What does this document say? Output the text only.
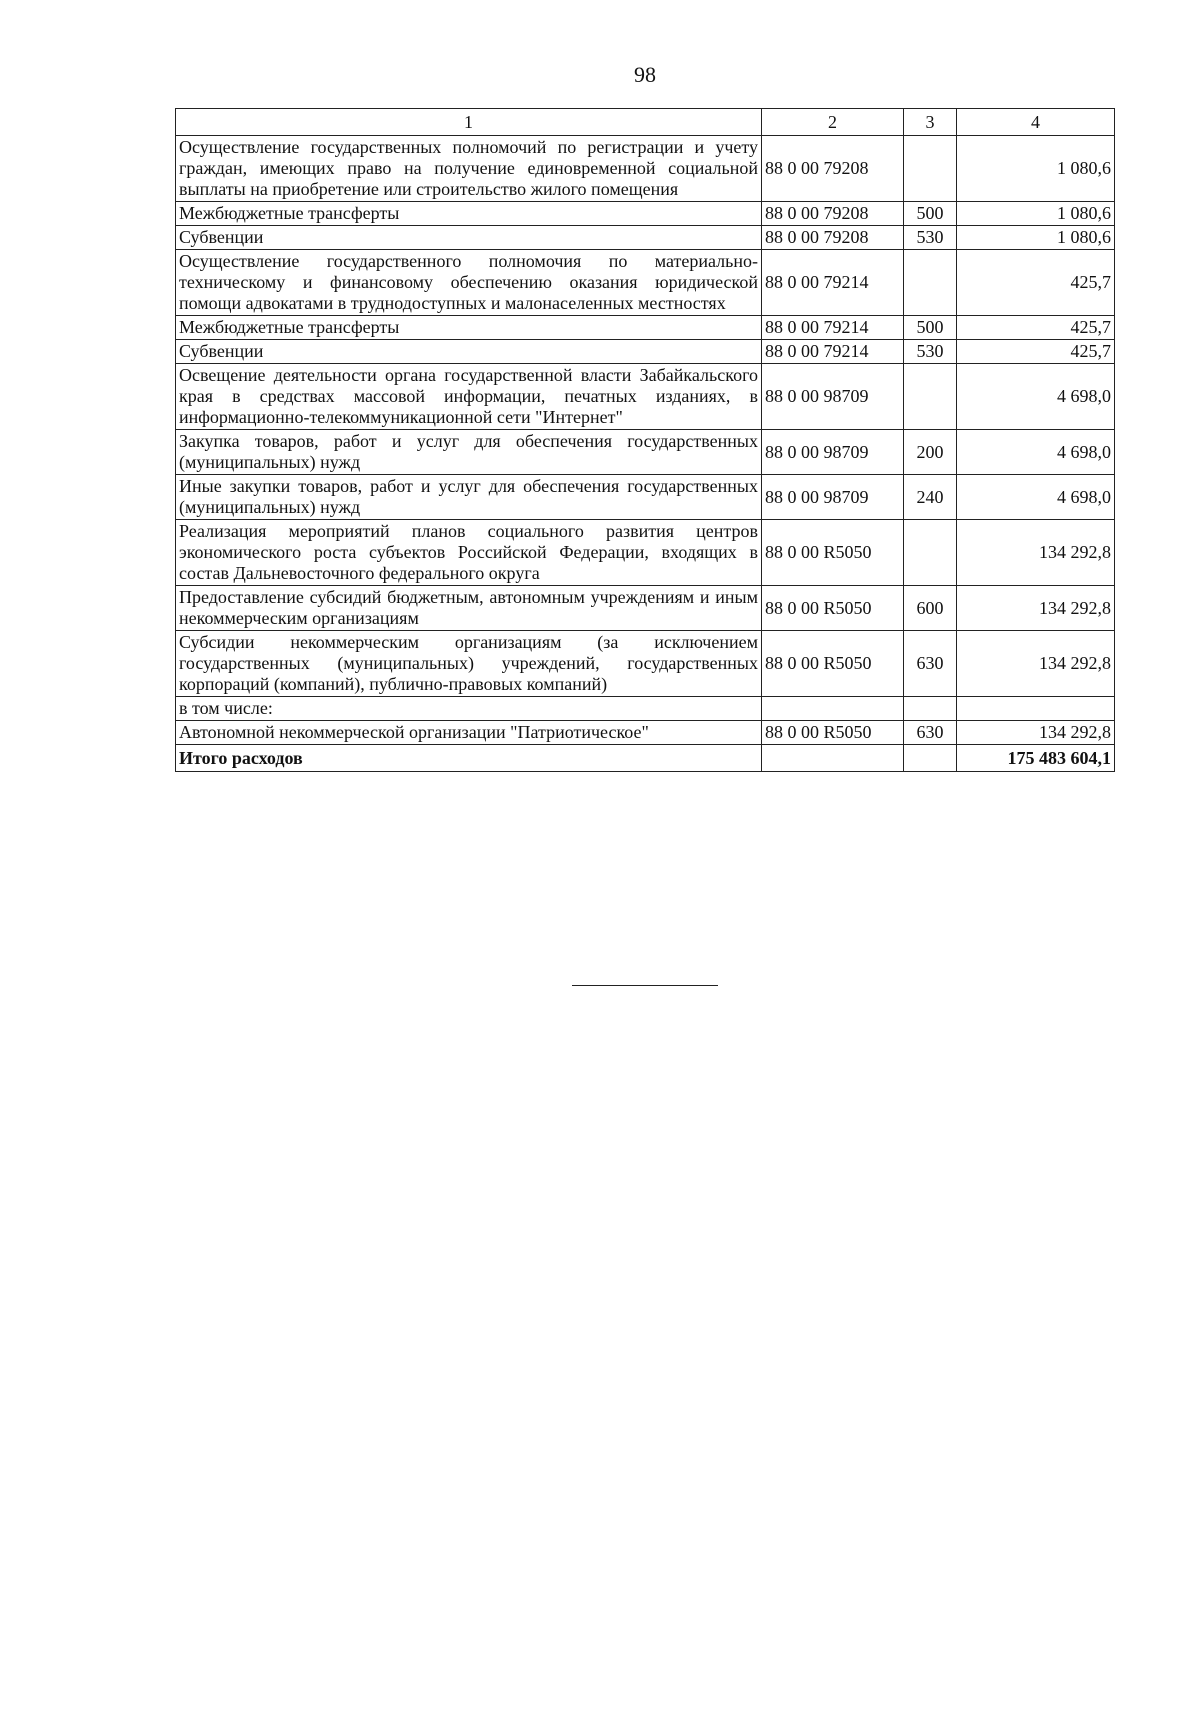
98
1	2	3	4
Осуществление государственных полномочий по регистрации и учету граждан, имеющих право на получение единовременной социальной выплаты на приобретение или строительство жилого помещения	88 0 00 79208		1 080,6
Межбюджетные трансферты	88 0 00 79208	500	1 080,6
Субвенции	88 0 00 79208	530	1 080,6
Осуществление государственного полномочия по материально-техническому и финансовому обеспечению оказания юридической помощи адвокатами в труднодоступных и малонаселенных местностях	88 0 00 79214		425,7
Межбюджетные трансферты	88 0 00 79214	500	425,7
Субвенции	88 0 00 79214	530	425,7
Освещение деятельности органа государственной власти Забайкальского края в средствах массовой информации, печатных изданиях, в информационно-телекоммуникационной сети "Интернет"	88 0 00 98709		4 698,0
Закупка товаров, работ и услуг для обеспечения государственных (муниципальных) нужд	88 0 00 98709	200	4 698,0
Иные закупки товаров, работ и услуг для обеспечения государственных (муниципальных) нужд	88 0 00 98709	240	4 698,0
Реализация мероприятий планов социального развития центров экономического роста субъектов Российской Федерации, входящих в состав Дальневосточного федерального округа	88 0 00 R5050		134 292,8
Предоставление субсидий бюджетным, автономным учреждениям и иным некоммерческим организациям	88 0 00 R5050	600	134 292,8
Субсидии некоммерческим организациям (за исключением государственных (муниципальных) учреждений, государственных корпораций (компаний), публично-правовых компаний)	88 0 00 R5050	630	134 292,8
в том числе:			
Автономной некоммерческой организации "Патриотическое"	88 0 00 R5050	630	134 292,8
Итого расходов			175 483 604,1
